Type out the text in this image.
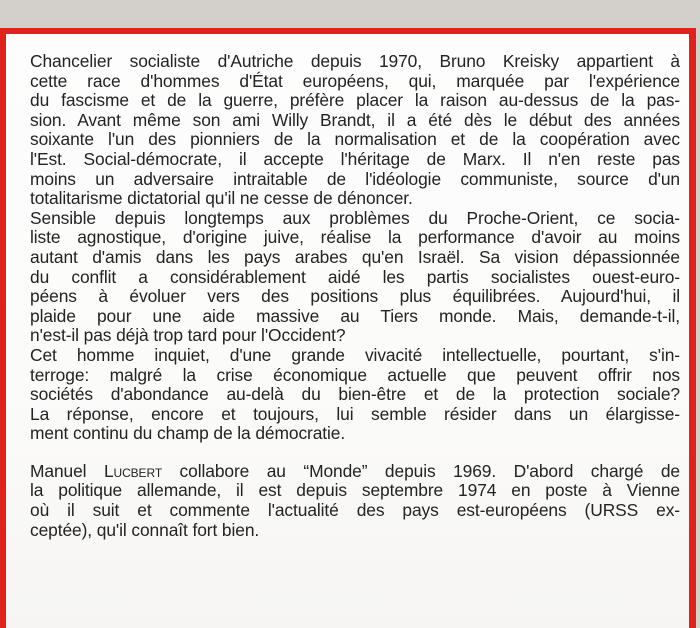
Chancelier socialiste d'Autriche depuis 1970, Bruno Kreisky appartient à
cette race d'hommes d'État européens, qui, marquée par l'expérience
du fascisme et de la guerre, préfère placer la raison au-dessus de la pas-
sion. Avant même son ami Willy Brandt, il a été dès le début des années
soixante l'un des pionniers de la normalisation et de la coopération avec
l'Est. Social-démocrate, il accepte l'héritage de Marx. Il n'en reste pas
moins un adversaire intraitable de l'idéologie communiste, source d'un
totalitarisme dictatorial qu'il ne cesse de dénoncer.
Sensible depuis longtemps aux problèmes du Proche-Orient, ce socia-
liste agnostique, d'origine juive, réalise la performance d'avoir au moins
autant d'amis dans les pays arabes qu'en Israël. Sa vision dépassionnée
du conflit a considérablement aidé les partis socialistes ouest-euro-
péens à évoluer vers des positions plus équilibrées. Aujourd'hui, il
plaide pour une aide massive au Tiers monde. Mais, demande-t-il,
n'est-il pas déjà trop tard pour l'Occident?
Cet homme inquiet, d'une grande vivacité intellectuelle, pourtant, s'in-
terroge: malgré la crise économique actuelle que peuvent offrir nos
sociétés d'abondance au-delà du bien-être et de la protection sociale?
La réponse, encore et toujours, lui semble résider dans un élargisse-
ment continu du champ de la démocratie.
Manuel Lucbert collabore au “Monde” depuis 1969. D'abord chargé de
la politique allemande, il est depuis septembre 1974 en poste à Vienne
où il suit et commente l'actualité des pays est-européens (URSS ex-
ceptée), qu'il connaît fort bien.
